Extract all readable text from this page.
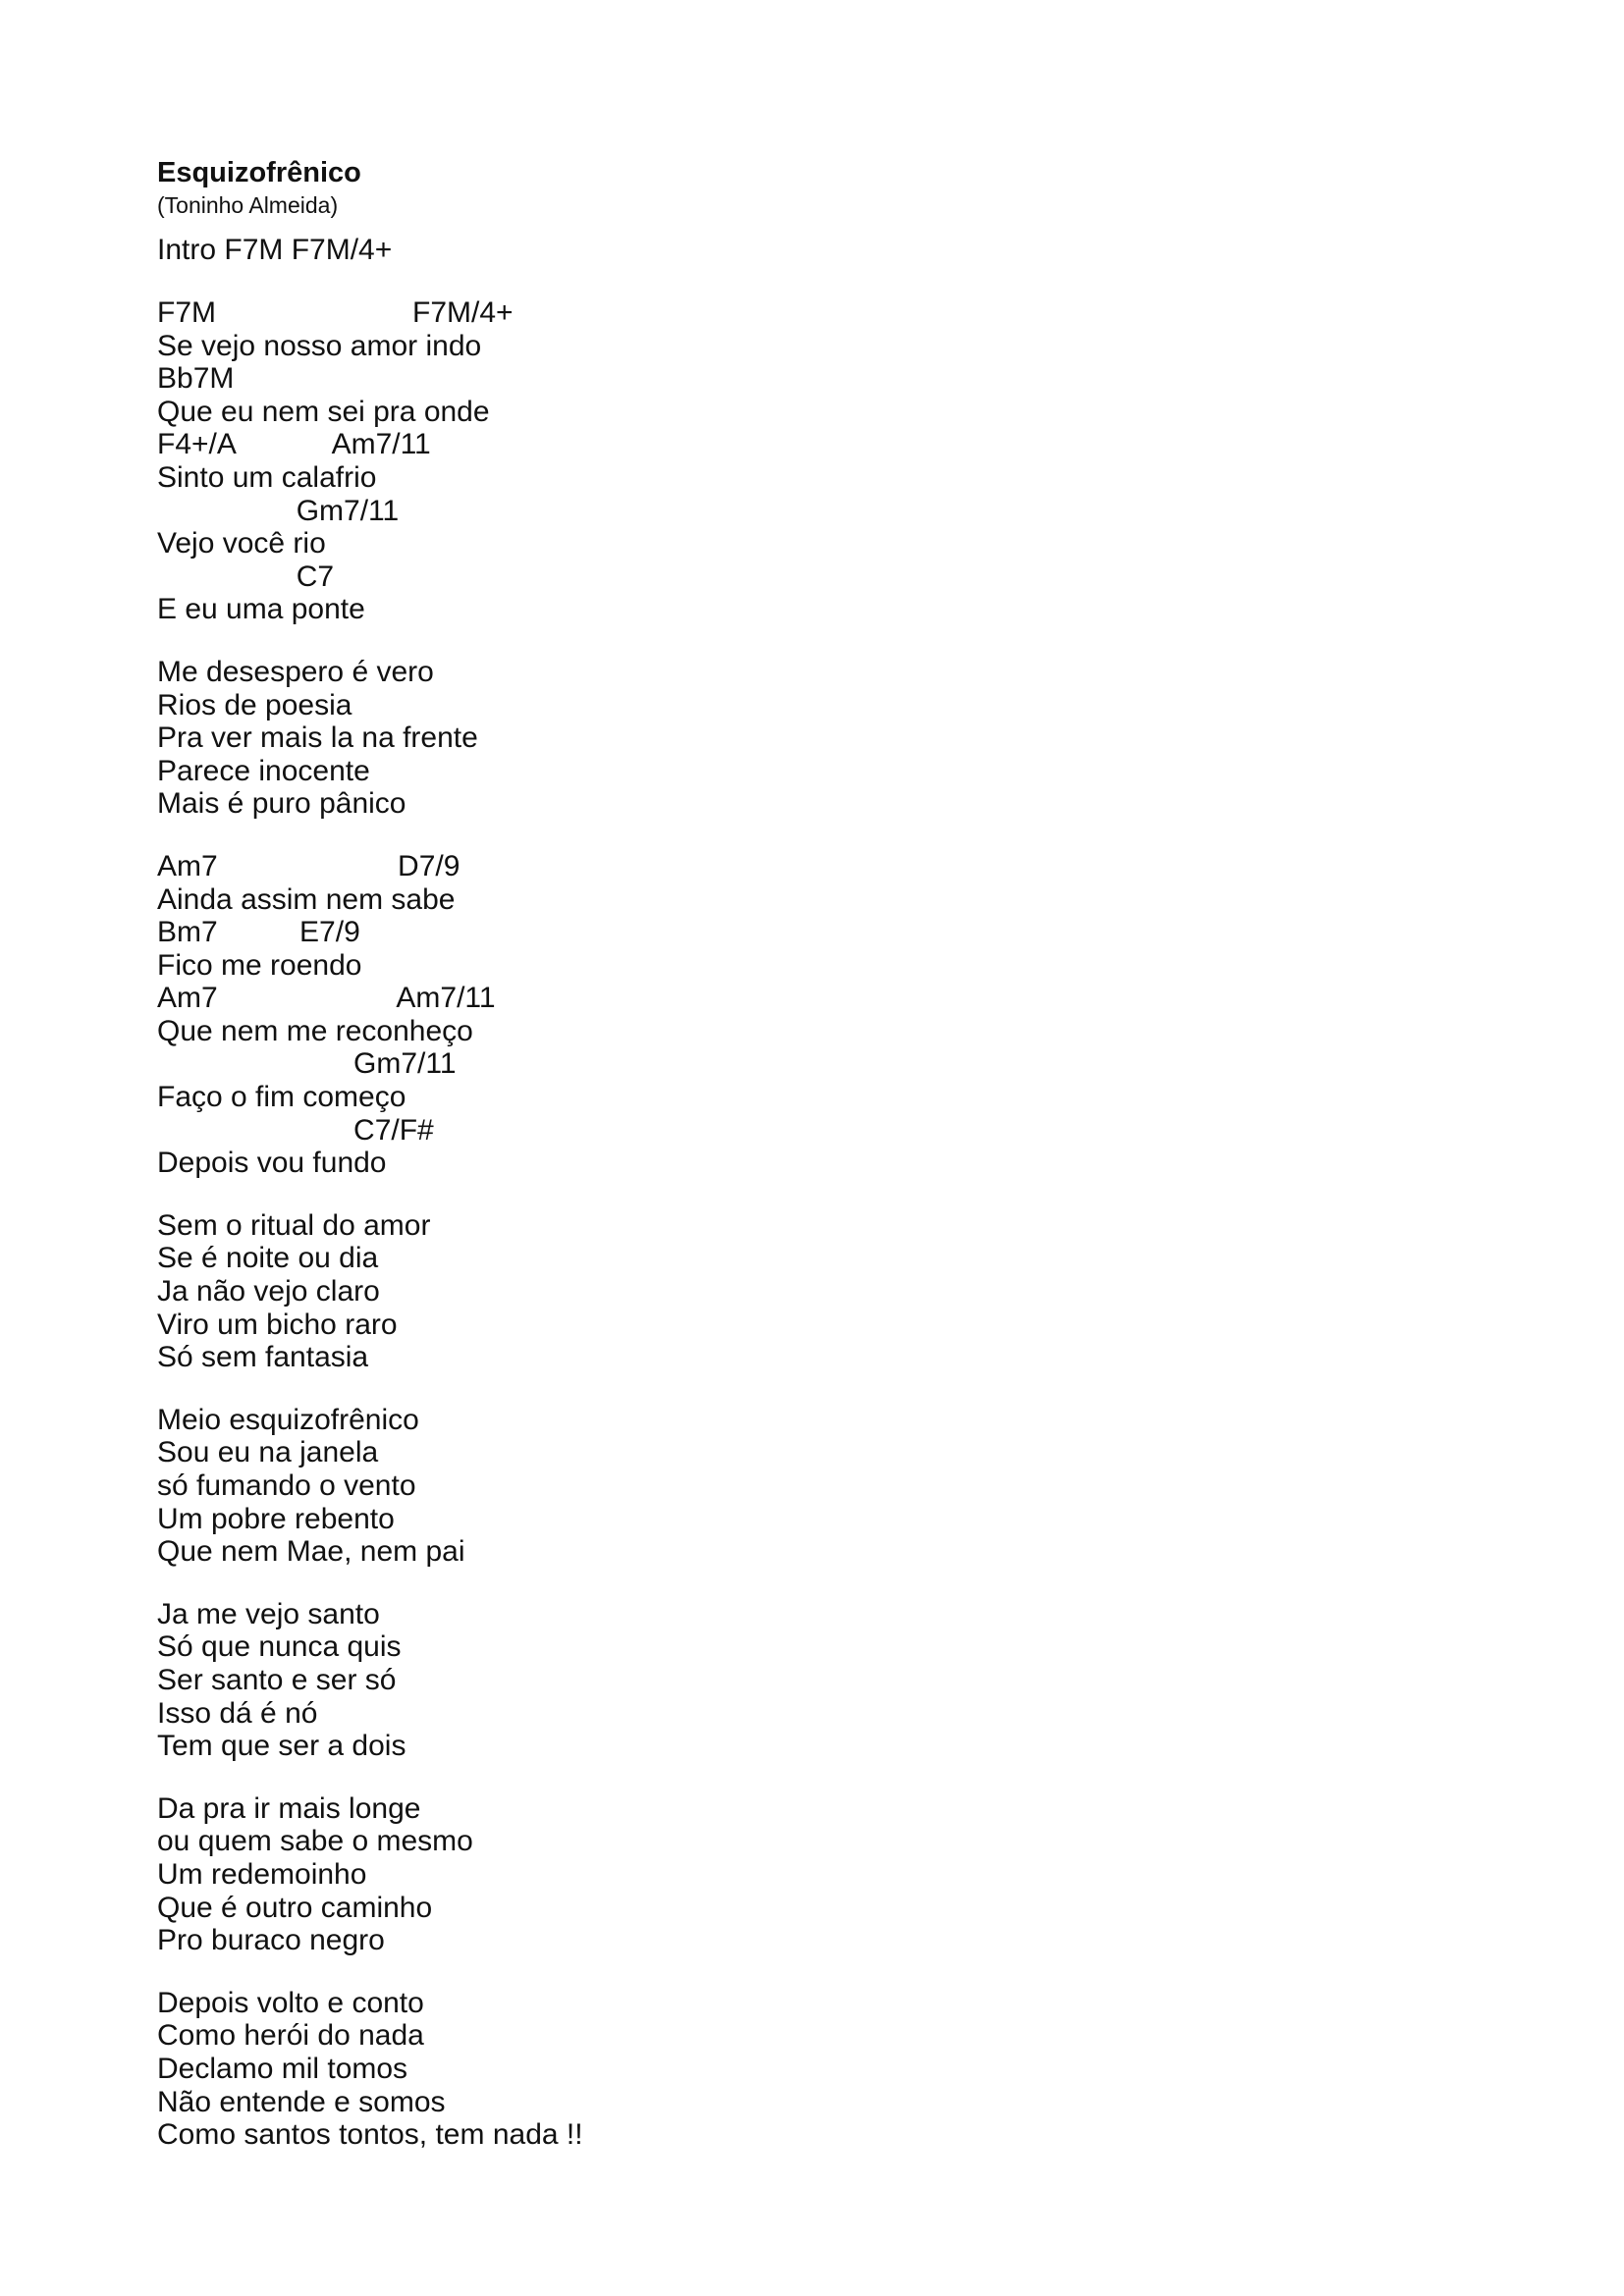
Esquizofrênico
(Toninho Almeida)
Intro F7M F7M/4+
F7M                        F7M/4+
Se vejo nosso amor indo
Bb7M
Que eu nem sei pra onde
F4+/A            Am7/11
Sinto um calafrio
Gm7/11
Vejo você rio
C7
E eu uma ponte
Me desespero é vero
Rios de poesia
Pra ver mais la na frente
Parece inocente
Mais é puro pânico
Am7                      D7/9
Ainda assim nem sabe
Bm7          E7/9
Fico me roendo
Am7                      Am7/11
Que nem me reconheço
Gm7/11
Faço o fim começo
C7/F#
Depois vou fundo
Sem o ritual do amor
Se é noite ou dia
Ja não vejo claro
Viro um bicho raro
Só sem fantasia
Meio esquizofrênico
Sou eu na janela
só fumando o vento
Um pobre rebento
Que nem Mae, nem pai
Ja me vejo santo
Só que nunca quis
Ser santo e ser só
Isso dá é nó
Tem que ser a dois
Da pra ir mais longe
ou quem sabe o mesmo
Um redemoinho
Que é outro caminho
Pro buraco negro
Depois volto e conto
Como herói do nada
Declamo mil tomos
Não entende e somos
Como santos tontos, tem nada !!
